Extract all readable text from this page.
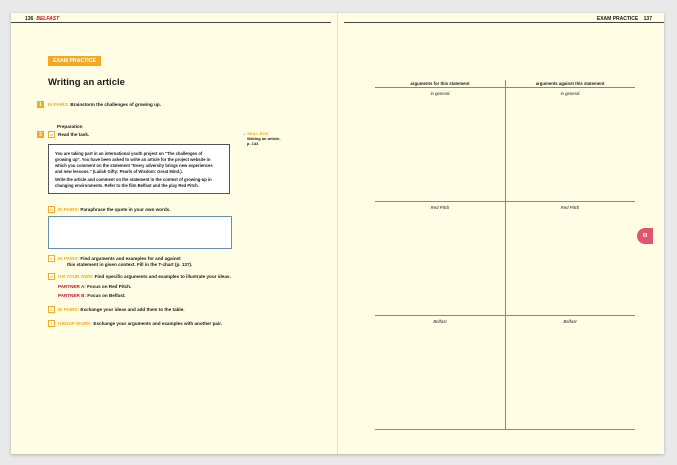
136 BELFAST	EXAM PRACTICE 137
EXAM PRACTICE
Writing an article
1	IN PAIRS: Brainstorm the challenges of growing up.
Preparation
2	a	Read the task.

You are taking part in an international youth project on "The challenges of

growing up". You have been asked to write an article for the project website in

which you comment on the statement "Every adversity brings new experiences

and new lessons." (Lailah Gifty: Pearls of Wisdom: Great Mind.).

Write the article and comment on the statement in the context of growing-up in

changing environments. Refer to the film Belfast and the play Red Pitch.

→ SKILL BOX
Writing an article,
p. 143
b	IN PAIRS: Paraphrase the quote in your own words.
c	IN PAIRS: Find arguments and examples for and against
this statement in given context. Fill in the T-chart (p. 137).
d	ON YOUR OWN: Find specific arguments and examples to illustrate your ideas.
PARTNER A: Focus on Red Pitch.
PARTNER B: Focus on Belfast.
e	IN PAIRS: Exchange your ideas and add them to the table.
f	GROUP WORK: Exchange your arguments and examples with another pair.
arguments for this statement	arguments against this statement
in general	in general
Red Pitch	Red Pitch
Belfast	Belfast
III
